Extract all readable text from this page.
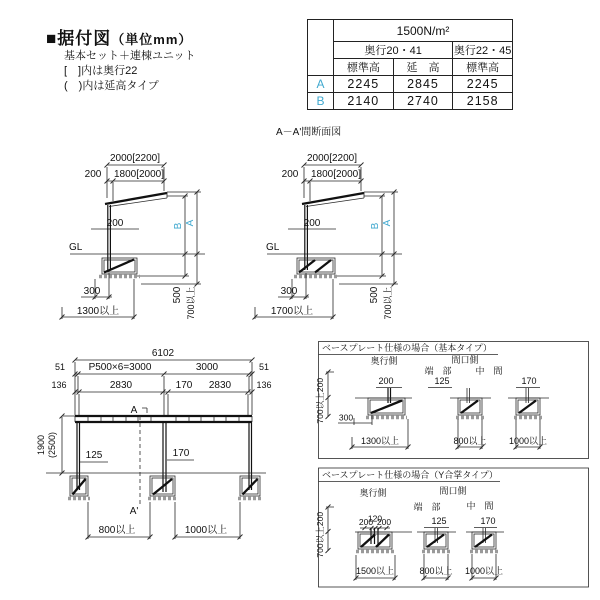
■据付図（単位mm）
基本セット＋連棟ユニット
[　]内は奥行22
(　)内は延高タイプ
	1500N/m²		
	奥行20・41		奥行22・45
	標準高	延　高	標準高
A	2245	2845	2245
B	2140	2740	2158
A－A'間断面図
2000[2200]
200 1800[2000]
200
GL
B A
500 700以上
300
1300以上
2000[2200]
200 1800[2000]
200
GL
B A
500 700以上
300
1700以上
6102
51 P500×6=3000	3000	51
136	2830	170 2830	136
A
A'
1900 (2500)	125	170
800以上	1000以上
ベースプレート仕様の場合（基本タイプ）
奥行側	間口側
端　部	中　間
200
200
700以上 300
1300以上
125
800以上
170
1000以上
ベースプレート仕様の場合（Y合掌タイプ）
奥行側	間口側
端　部	中　間
200
120
200
200
700以上
1500以上
125
800以上
170
1000以上
